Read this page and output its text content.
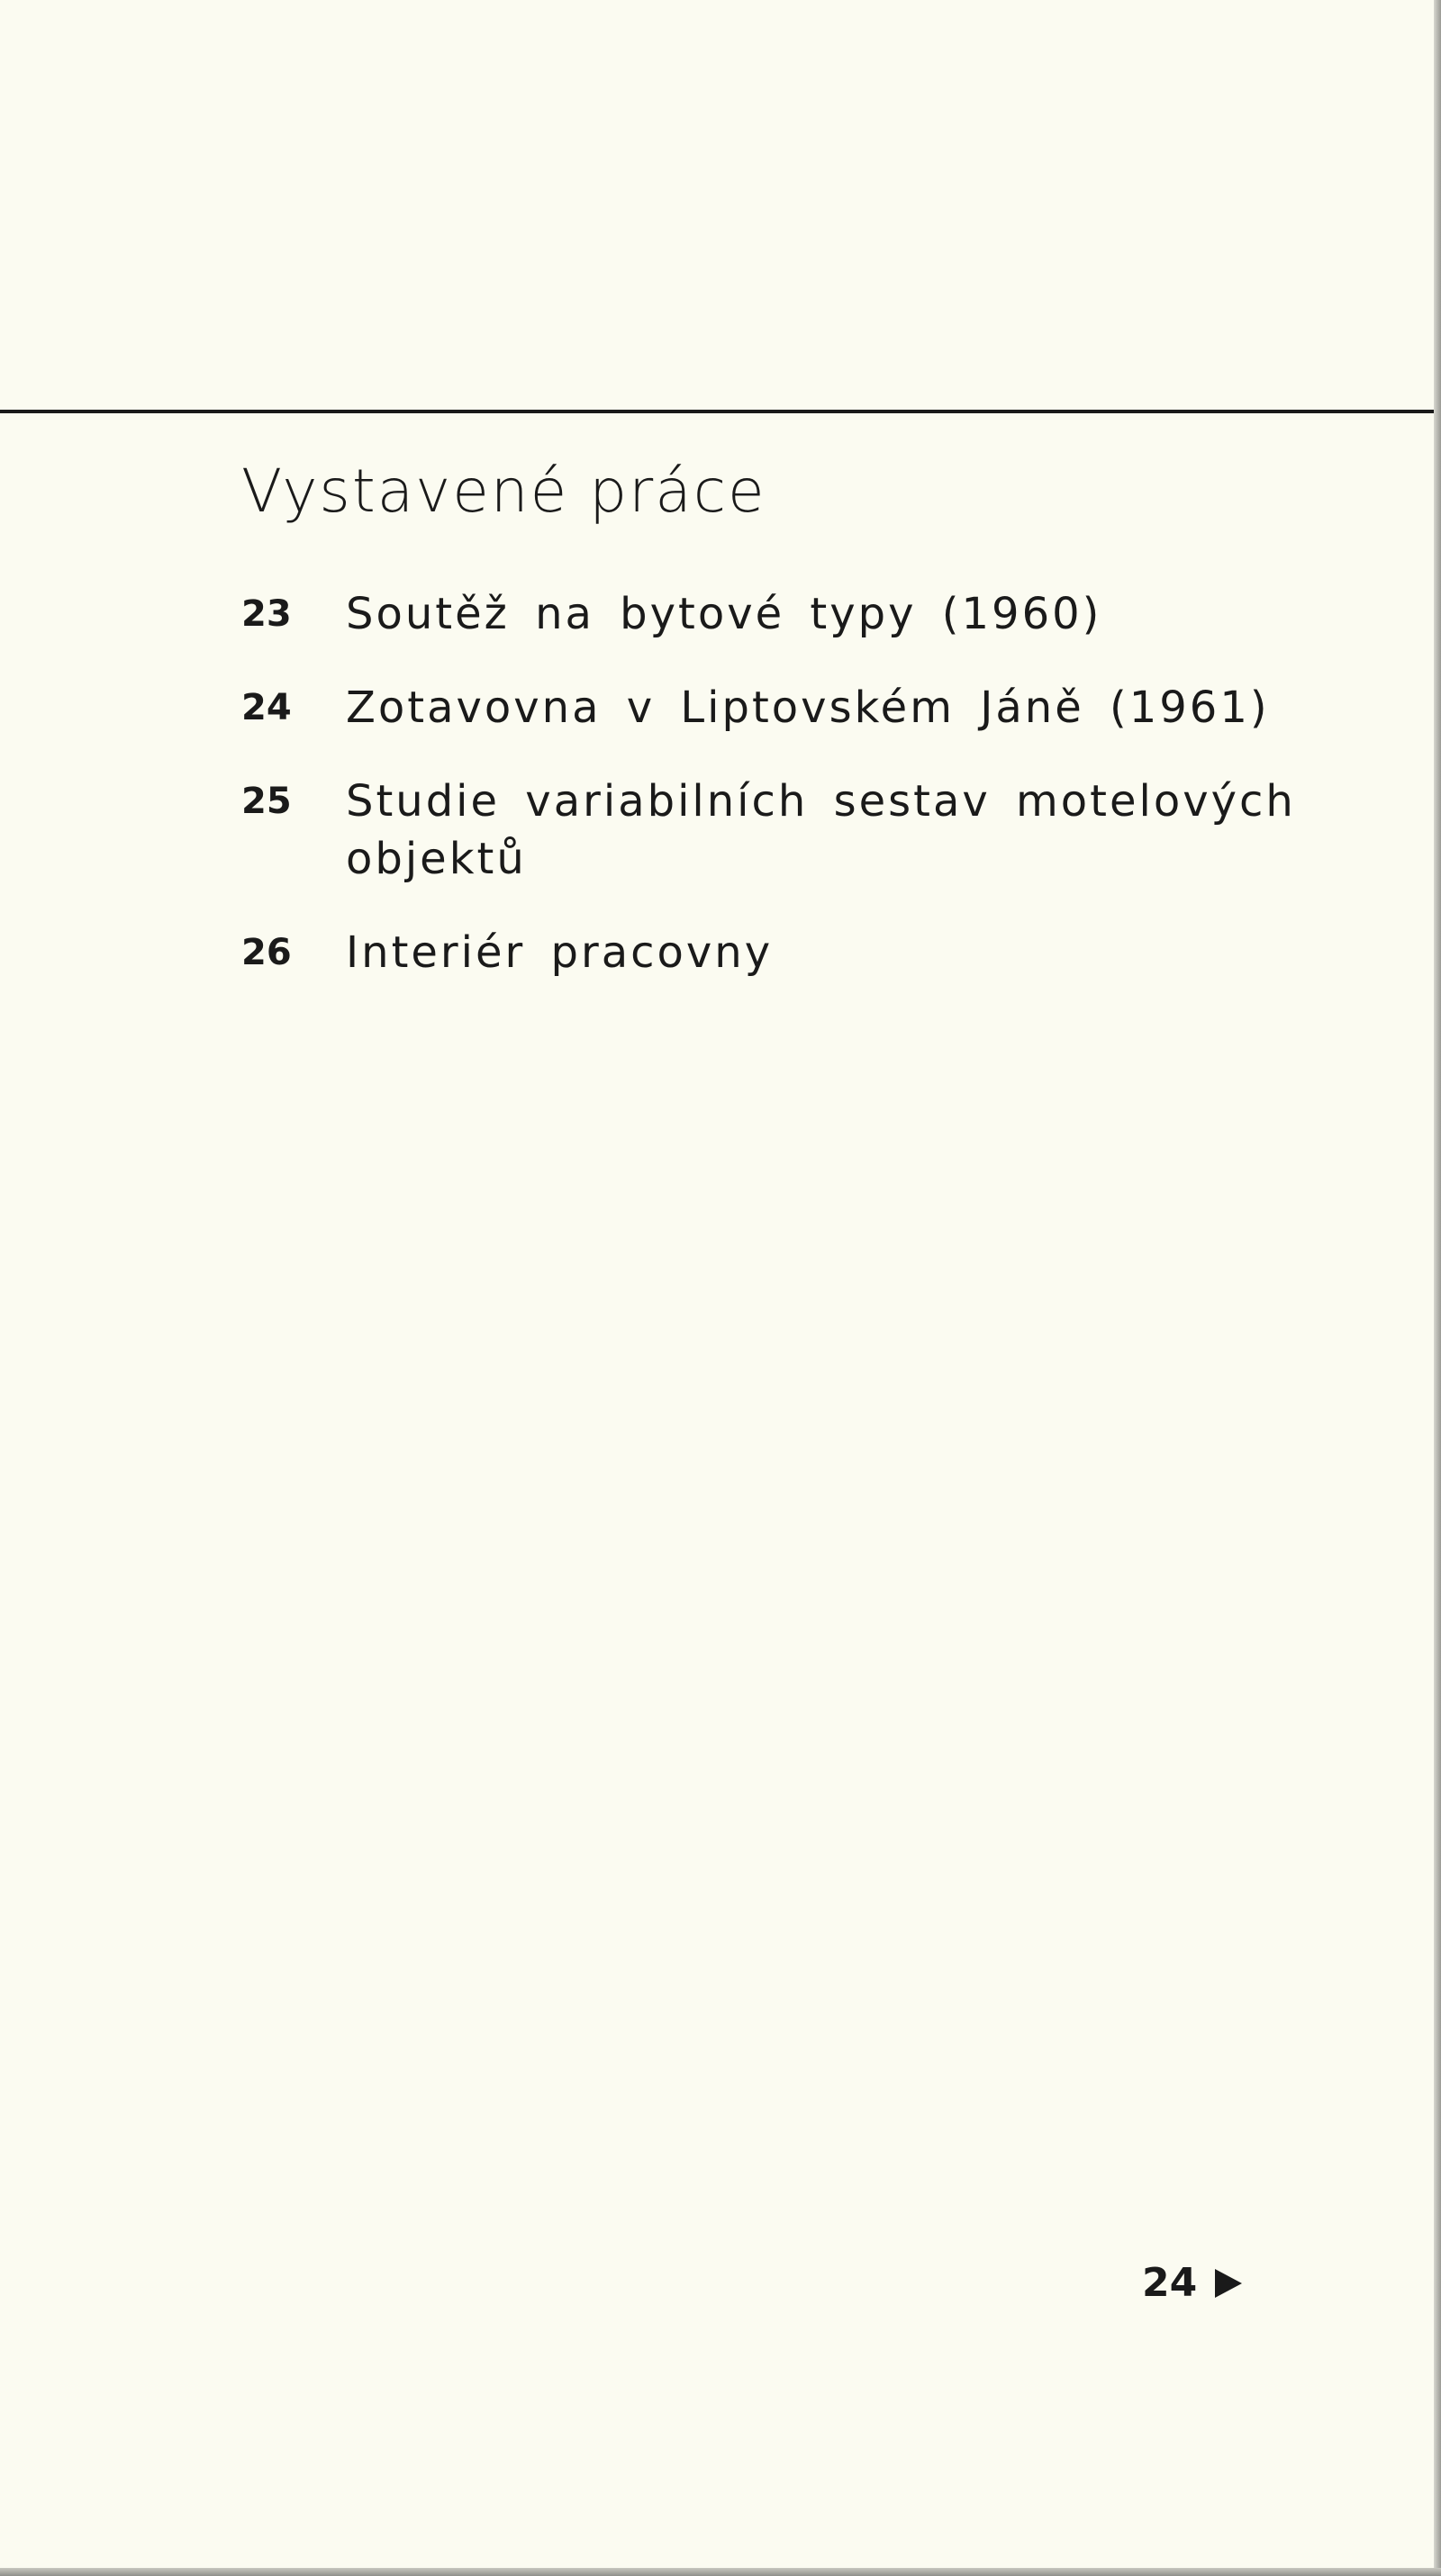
Vystavené práce
23	Soutěž na bytové typy (1960)
24	Zotavovna v Liptovském Jáně (1961)
25	Studie variabilních sestav motelových objektů
26	Interiér pracovny
24
